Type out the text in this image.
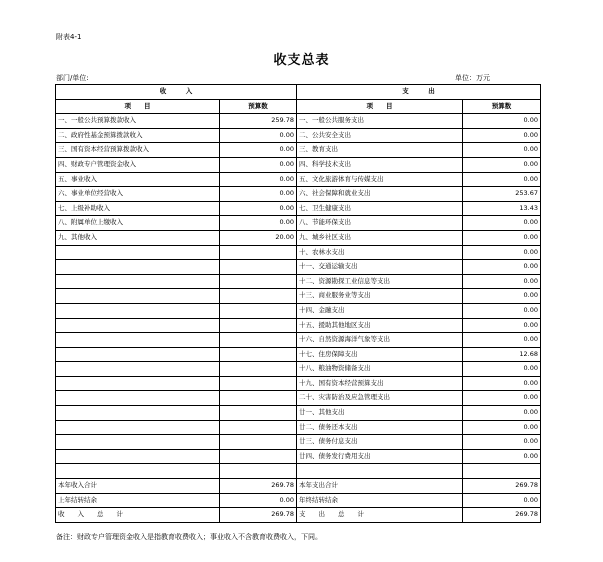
附表4-1
收支总表
部门/单位:	单位：万元
收　　　入		支　　　出	
项　　目	预算数	项　　目	预算数
一、一般公共预算拨款收入	259.78	一、一般公共服务支出	0.00
二、政府性基金预算拨款收入	0.00	二、公共安全支出	0.00
三、国有资本经营预算拨款收入	0.00	三、教育支出	0.00
四、财政专户管理资金收入	0.00	四、科学技术支出	0.00
五、事业收入	0.00	五、文化旅游体育与传媒支出	0.00
六、事业单位经营收入	0.00	六、社会保障和就业支出	253.67
七、上级补助收入	0.00	七、卫生健康支出	13.43
八、附属单位上缴收入	0.00	八、节能环保支出	0.00
九、其他收入	20.00	九、城乡社区支出	0.00
		十、农林水支出	0.00
		十一、交通运输支出	0.00
		十二、资源勘探工业信息等支出	0.00
		十三、商业服务业等支出	0.00
		十四、金融支出	0.00
		十五、援助其他地区支出	0.00
		十六、自然资源海洋气象等支出	0.00
		十七、住房保障支出	12.68
		十八、粮油物资储备支出	0.00
		十九、国有资本经营预算支出	0.00
		二十、灾害防治及应急管理支出	0.00
		廿一、其他支出	0.00
		廿二、债务还本支出	0.00
		廿三、债务付息支出	0.00
		廿四、债务发行费用支出	0.00

本年收入合计	269.78	本年支出合计	269.78
上年结转结余	0.00	年终结转结余	0.00
收　　入　　总　　计	269.78	支　　出　　总　　计	269.78
备注：财政专户管理资金收入是指教育收费收入；事业收入不含教育收费收入，下同。
